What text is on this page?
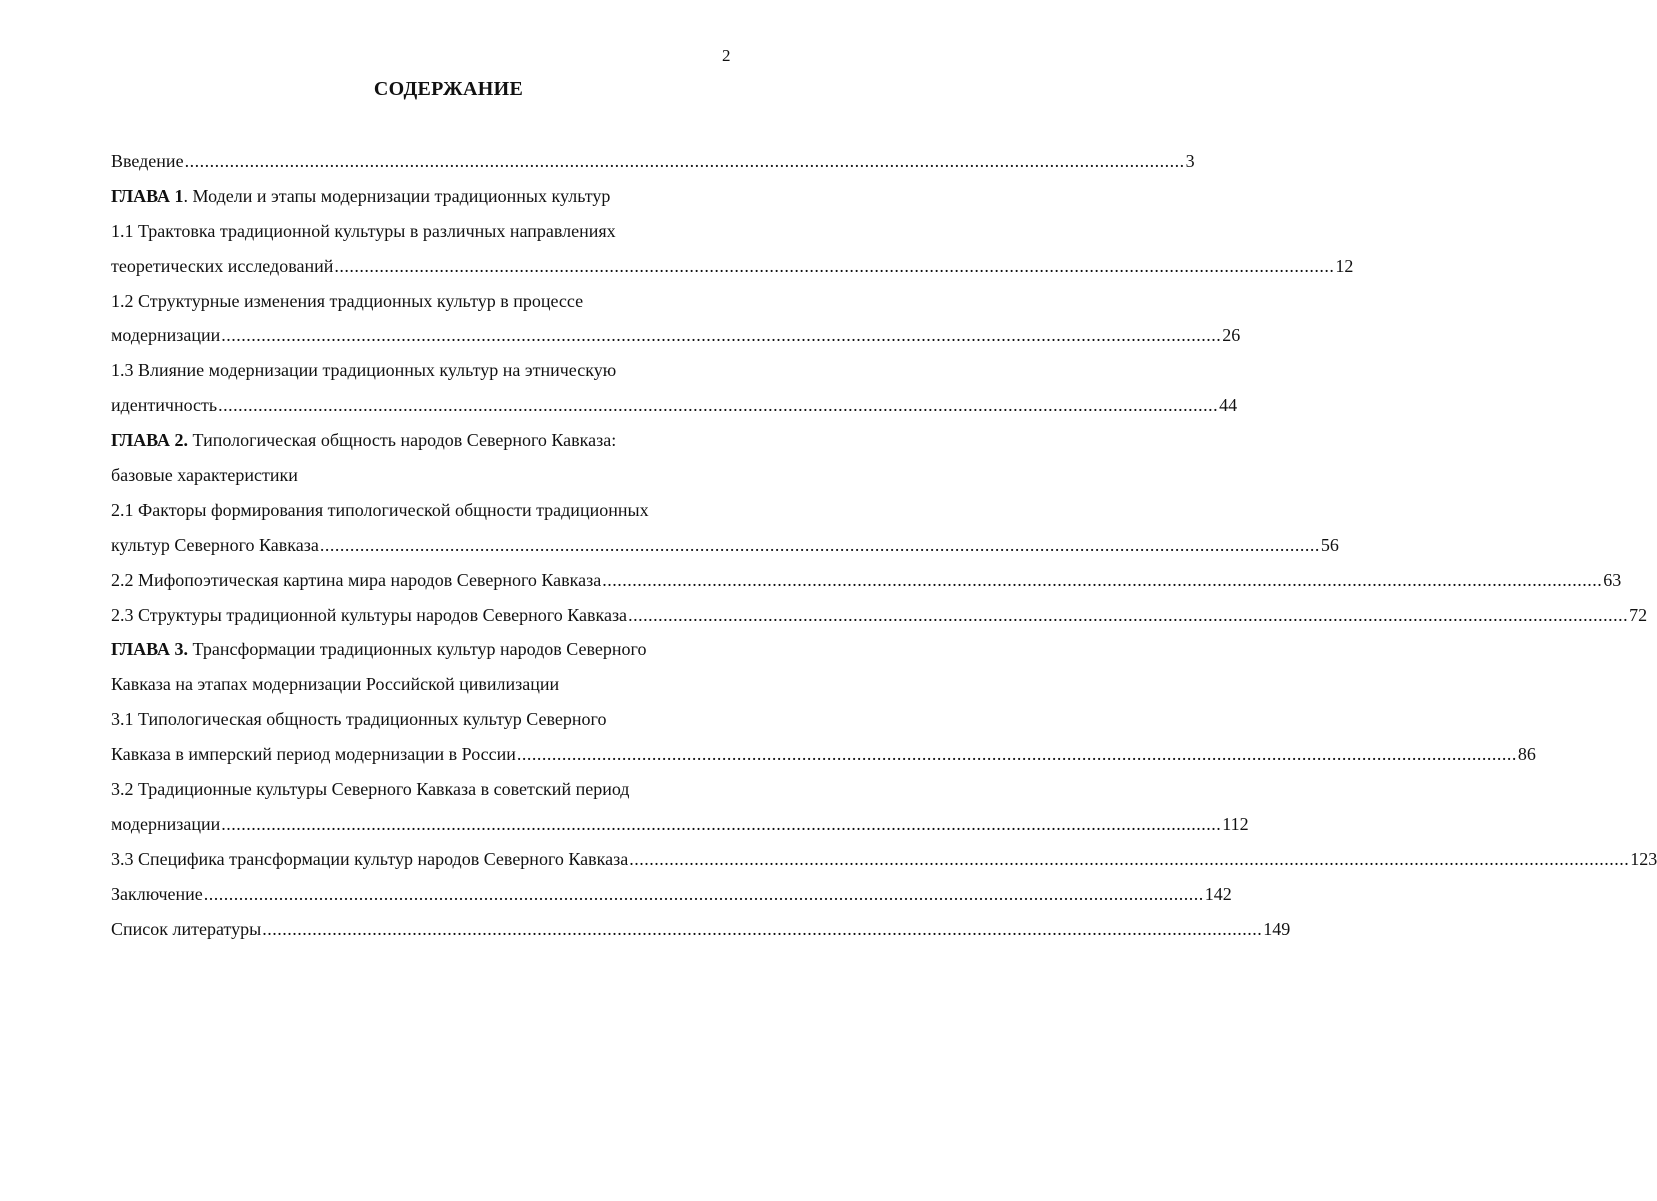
2
СОДЕРЖАНИЕ
Введение ........................................................................................................................................................................................................ 3
ГЛАВА 1. Модели и этапы модернизации традиционных культур
1.1 Трактовка традиционной культуры в различных направлениях
теоретических исследований ........................................................................................................................................................................................................ 12
1.2 Структурные изменения традционных культур в процессе
модернизации ........................................................................................................................................................................................................ 26
1.3 Влияние модернизации традиционных культур на этническую
идентичность ........................................................................................................................................................................................................ 44
ГЛАВА 2. Типологическая общность народов Северного Кавказа:
базовые характеристики
2.1 Факторы формирования типологической общности традиционных
культур Северного Кавказа ........................................................................................................................................................................................................ 56
2.2 Мифопоэтическая картина мира народов Северного Кавказа ........................................................................................................................................................................................................ 63
2.3 Структуры традиционной культуры народов Северного Кавказа ........................................................................................................................................................................................................ 72
ГЛАВА 3. Трансформации традиционных культур народов Северного
Кавказа на этапах модернизации Российской цивилизации
3.1 Типологическая общность традиционных культур Северного
Кавказа в имперский период модернизации в России ........................................................................................................................................................................................................ 86
3.2 Традиционные культуры Северного Кавказа в советский период
модернизации ........................................................................................................................................................................................................ 112
3.3 Специфика трансформации культур народов Северного Кавказа ........................................................................................................................................................................................................ 123
Заключение ........................................................................................................................................................................................................ 142
Список литературы ........................................................................................................................................................................................................ 149
